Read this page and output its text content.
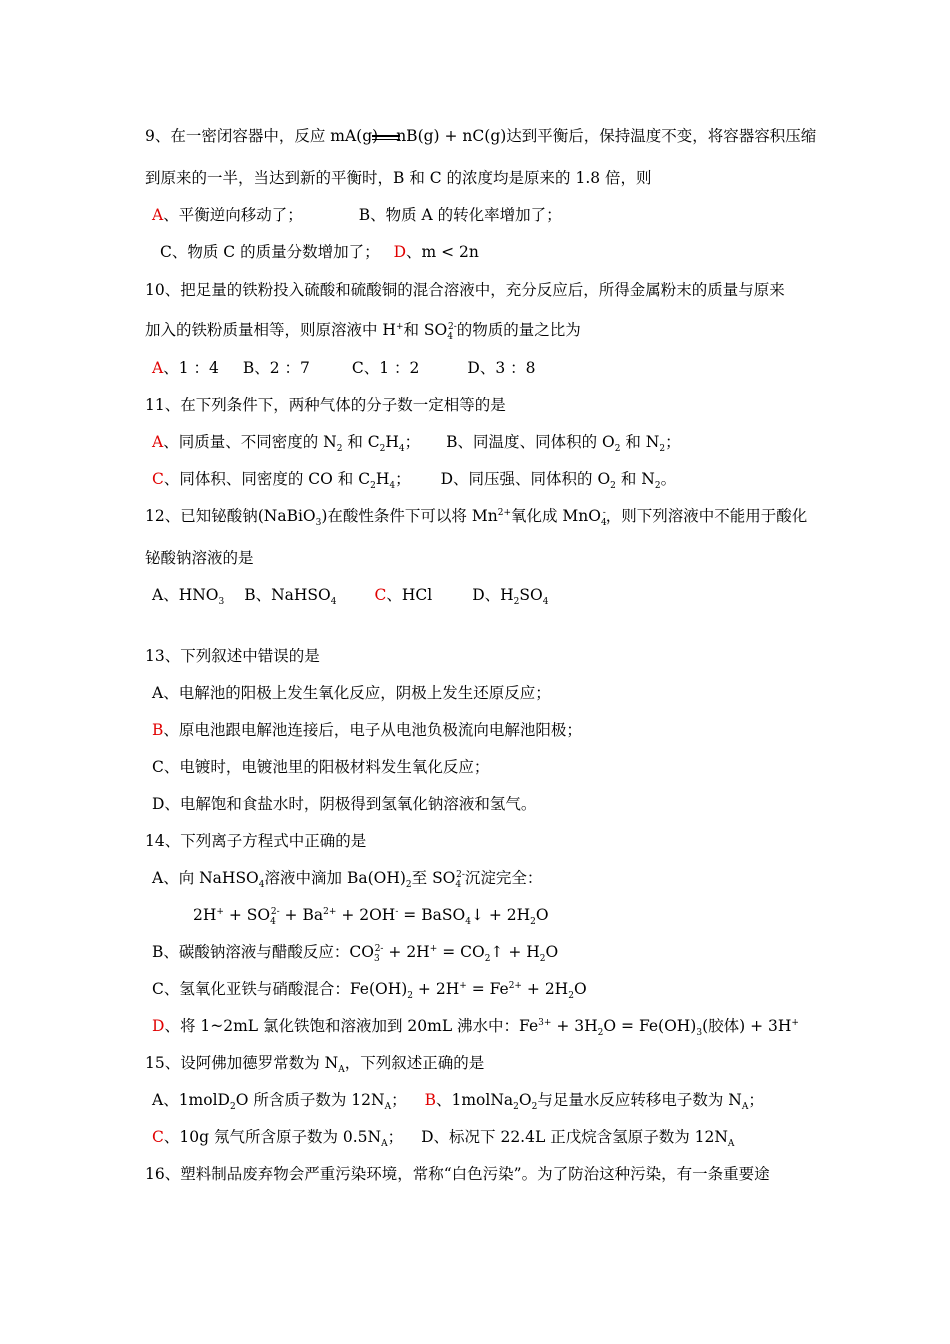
9、在一密闭容器中，反应 mA(g) nB(g) + nC(g)达到平衡后，保持温度不变，将容器容积压缩
到原来的一半，当达到新的平衡时，B 和 C 的浓度均是原来的 1.8 倍，则
A、平衡逆向移动了；	B、物质 A 的转化率增加了；
C、物质 C 的质量分数增加了； D、m < 2n
10、把足量的铁粉投入硫酸和硫酸铜的混合溶液中，充分反应后，所得金属粉末的质量与原来
加入的铁粉质量相等，则原溶液中 H+和 $SO_4^{2-}$的物质的量之比为
A、1 ：4 B、2 ：7	C、1 ：2	D、3 ：8
11、在下列条件下，两种气体的分子数一定相等的是
A、同质量、不同密度的 $N_2$ 和 $C_2H_4$； B、同温度、同体积的 $O_2$ 和 $N_2$；
C、同体积、同密度的 CO 和 $C_2H_4$； D、同压强、同体积的 $O_2$ 和 $N_2$。
12、已知铋酸钠(NaBiO$_3$)在酸性条件下可以将 $Mn^{2+}$氧化成 MnO$_4$-，则下列溶液中不能用于酸化
铋酸钠溶液的是
A、$HNO_3$ B、NaHSO$_4$ C、HCl	D、$H_2SO_4$
13、下列叙述中错误的是
A、电解池的阳极上发生氧化反应，阴极上发生还原反应；
B、原电池跟电解池连接后，电子从电池负极流向电解池阳极；
C、电镀时，电镀池里的阳极材料发生氧化反应；
D、电解饱和食盐水时，阴极得到氢氧化钠溶液和氢气。
14、下列离子方程式中正确的是
A、向 NaHSO$_4$溶液中滴加 $Ba(OH)_2$至 $SO_4^{2-}$沉淀完全：
$2H^+ + SO_4^{2-} + Ba^{2+} + 2OH^-$ = BaSO$_4$↓ + $2H_2O$
B、碳酸钠溶液与醋酸反应：$CO_3^{2-} + 2H^+$ = $CO_2↑ + H_2O$
C、氢氧化亚铁与硝酸混合：$Fe(OH)_2 + 2H^+ = Fe^{2+} + 2H_2O$
D、将 1~2mL 氯化铁饱和溶液加到 20mL 沸水中：$Fe^{3+} + 3H_2O = Fe(OH)_3$(胶体) + 3H+
15、设阿佛加德罗常数为 $N_A$，下列叙述正确的是
A、1molD$_2$O 所含质子数为 $12N_A$； B、$1molNa_2O_2$与足量水反应转移电子数为 $N_A$；
C、10g 氖气所含原子数为 $0.5N_A$； D、标况下 22.4L 正戊烷含氢原子数为 $12N_A$
16、塑料制品废弃物会严重污染环境，常称“白色污染”。为了防治这种污染，有一条重要途
